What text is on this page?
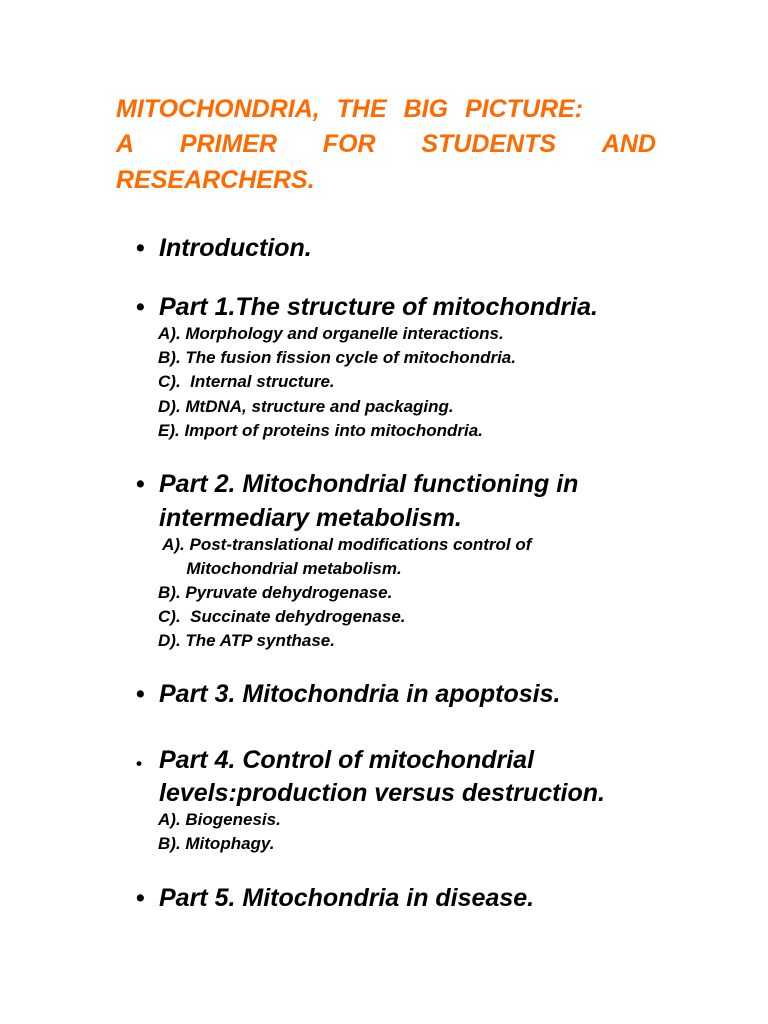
MITOCHONDRIA, THE BIG PICTURE:
A PRIMER FOR STUDENTS AND
RESEARCHERS.
• Introduction.
• Part 1.The structure of mitochondria.
A). Morphology and organelle interactions.
B). The fusion fission cycle of mitochondria.
C).  Internal structure.
D). MtDNA, structure and packaging.
E). Import of proteins into mitochondria.
• Part 2. Mitochondrial functioning in
intermediary metabolism.
A). Post-translational modifications control of
Mitochondrial metabolism.
B). Pyruvate dehydrogenase.
C).  Succinate dehydrogenase.
D). The ATP synthase.
• Part 3. Mitochondria in apoptosis.
• Part 4. Control of mitochondrial
levels:production versus destruction.
A). Biogenesis.
B). Mitophagy.
• Part 5. Mitochondria in disease.
